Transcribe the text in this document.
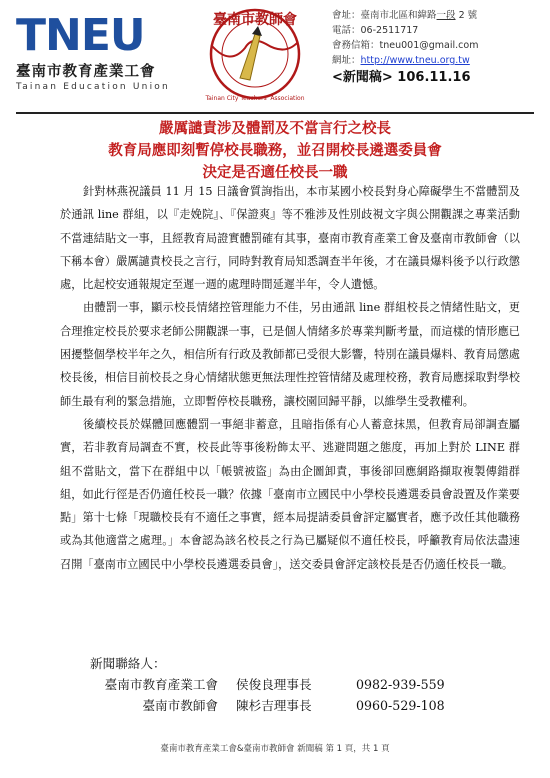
TNEU
臺南市教育產業工會
Tainan Education Union
臺南市教師會
Tainan City Teachers' Association
會址：臺南市北區和緯路一段 2 號
電話：06-2511717
會務信箱：tneu001@gmail.com
網址：http://www.tneu.org.tw
<新聞稿> 106.11.16
嚴厲譴責涉及體罰及不當言行之校長
教育局應即刻暫停校長職務，並召開校長遴選委員會
決定是否適任校長一職

針對林燕祝議員 11 月 15 日議會質詢指出，本市某國小校長對身心障礙學生不當體罰及於通訊 line 群組，以『走娩院』、『保證爽』等不雅涉及性別歧視文字與公開觀課之專業活動不當連結貼文一事，且經教育局證實體罰確有其事，臺南市教育產業工會及臺南市教師會（以下稱本會）嚴厲譴責校長之言行，同時對教育局知悉調查半年後，才在議員爆料後予以行政懲處，比起校安通報規定至遲一週的處理時間延遲半年，令人遺憾。

由體罰一事，顯示校長情緒控管理能力不佳，另由通訊 line 群組校長之情緒性貼文，更合理推定校長於要求老師公開觀課一事，已是個人情緒多於專業判斷考量，而這樣的情形應已困擾整個學校半年之久，相信所有行政及教師都已受很大影響，特別在議員爆料、教育局懲處校長後，相信目前校長之身心情緒狀態更無法理性控管情緒及處理校務，教育局應採取對學校師生最有利的緊急措施，立即暫停校長職務，讓校園回歸平靜，以維學生受教權利。

後續校長於媒體回應體罰一事絕非蓄意，且暗指係有心人蓄意抹黑，但教育局卻調查屬實，若非教育局調查不實，校長此等事後粉飾太平、逃避問題之態度，再加上對於 LINE 群組不當貼文，當下在群組中以「帳號被盜」為由企圖卸責，事後卻回應網路擷取複製傳錯群組，如此行徑是否仍適任校長一職？依據「臺南市立國民中小學校長遴選委員會設置及作業要點」第十七條「現職校長有不適任之事實，經本局提請委員會評定屬實者，應予改任其他職務或為其他適當之處理。」本會認為該名校長之行為已屬疑似不適任校長，呼籲教育局依法盡速召開「臺南市立國民中小學校長遴選委員會」，送交委員會評定該校長是否仍適任校長一職。

新聞聯絡人：
臺南市教育產業工會 侯俊良理事長	0982-939-559
臺南市教師會 陳杉吉理事長	0960-529-108
臺南市教育產業工會&臺南市教師會 新聞稿 第 1 頁，共 1 頁
